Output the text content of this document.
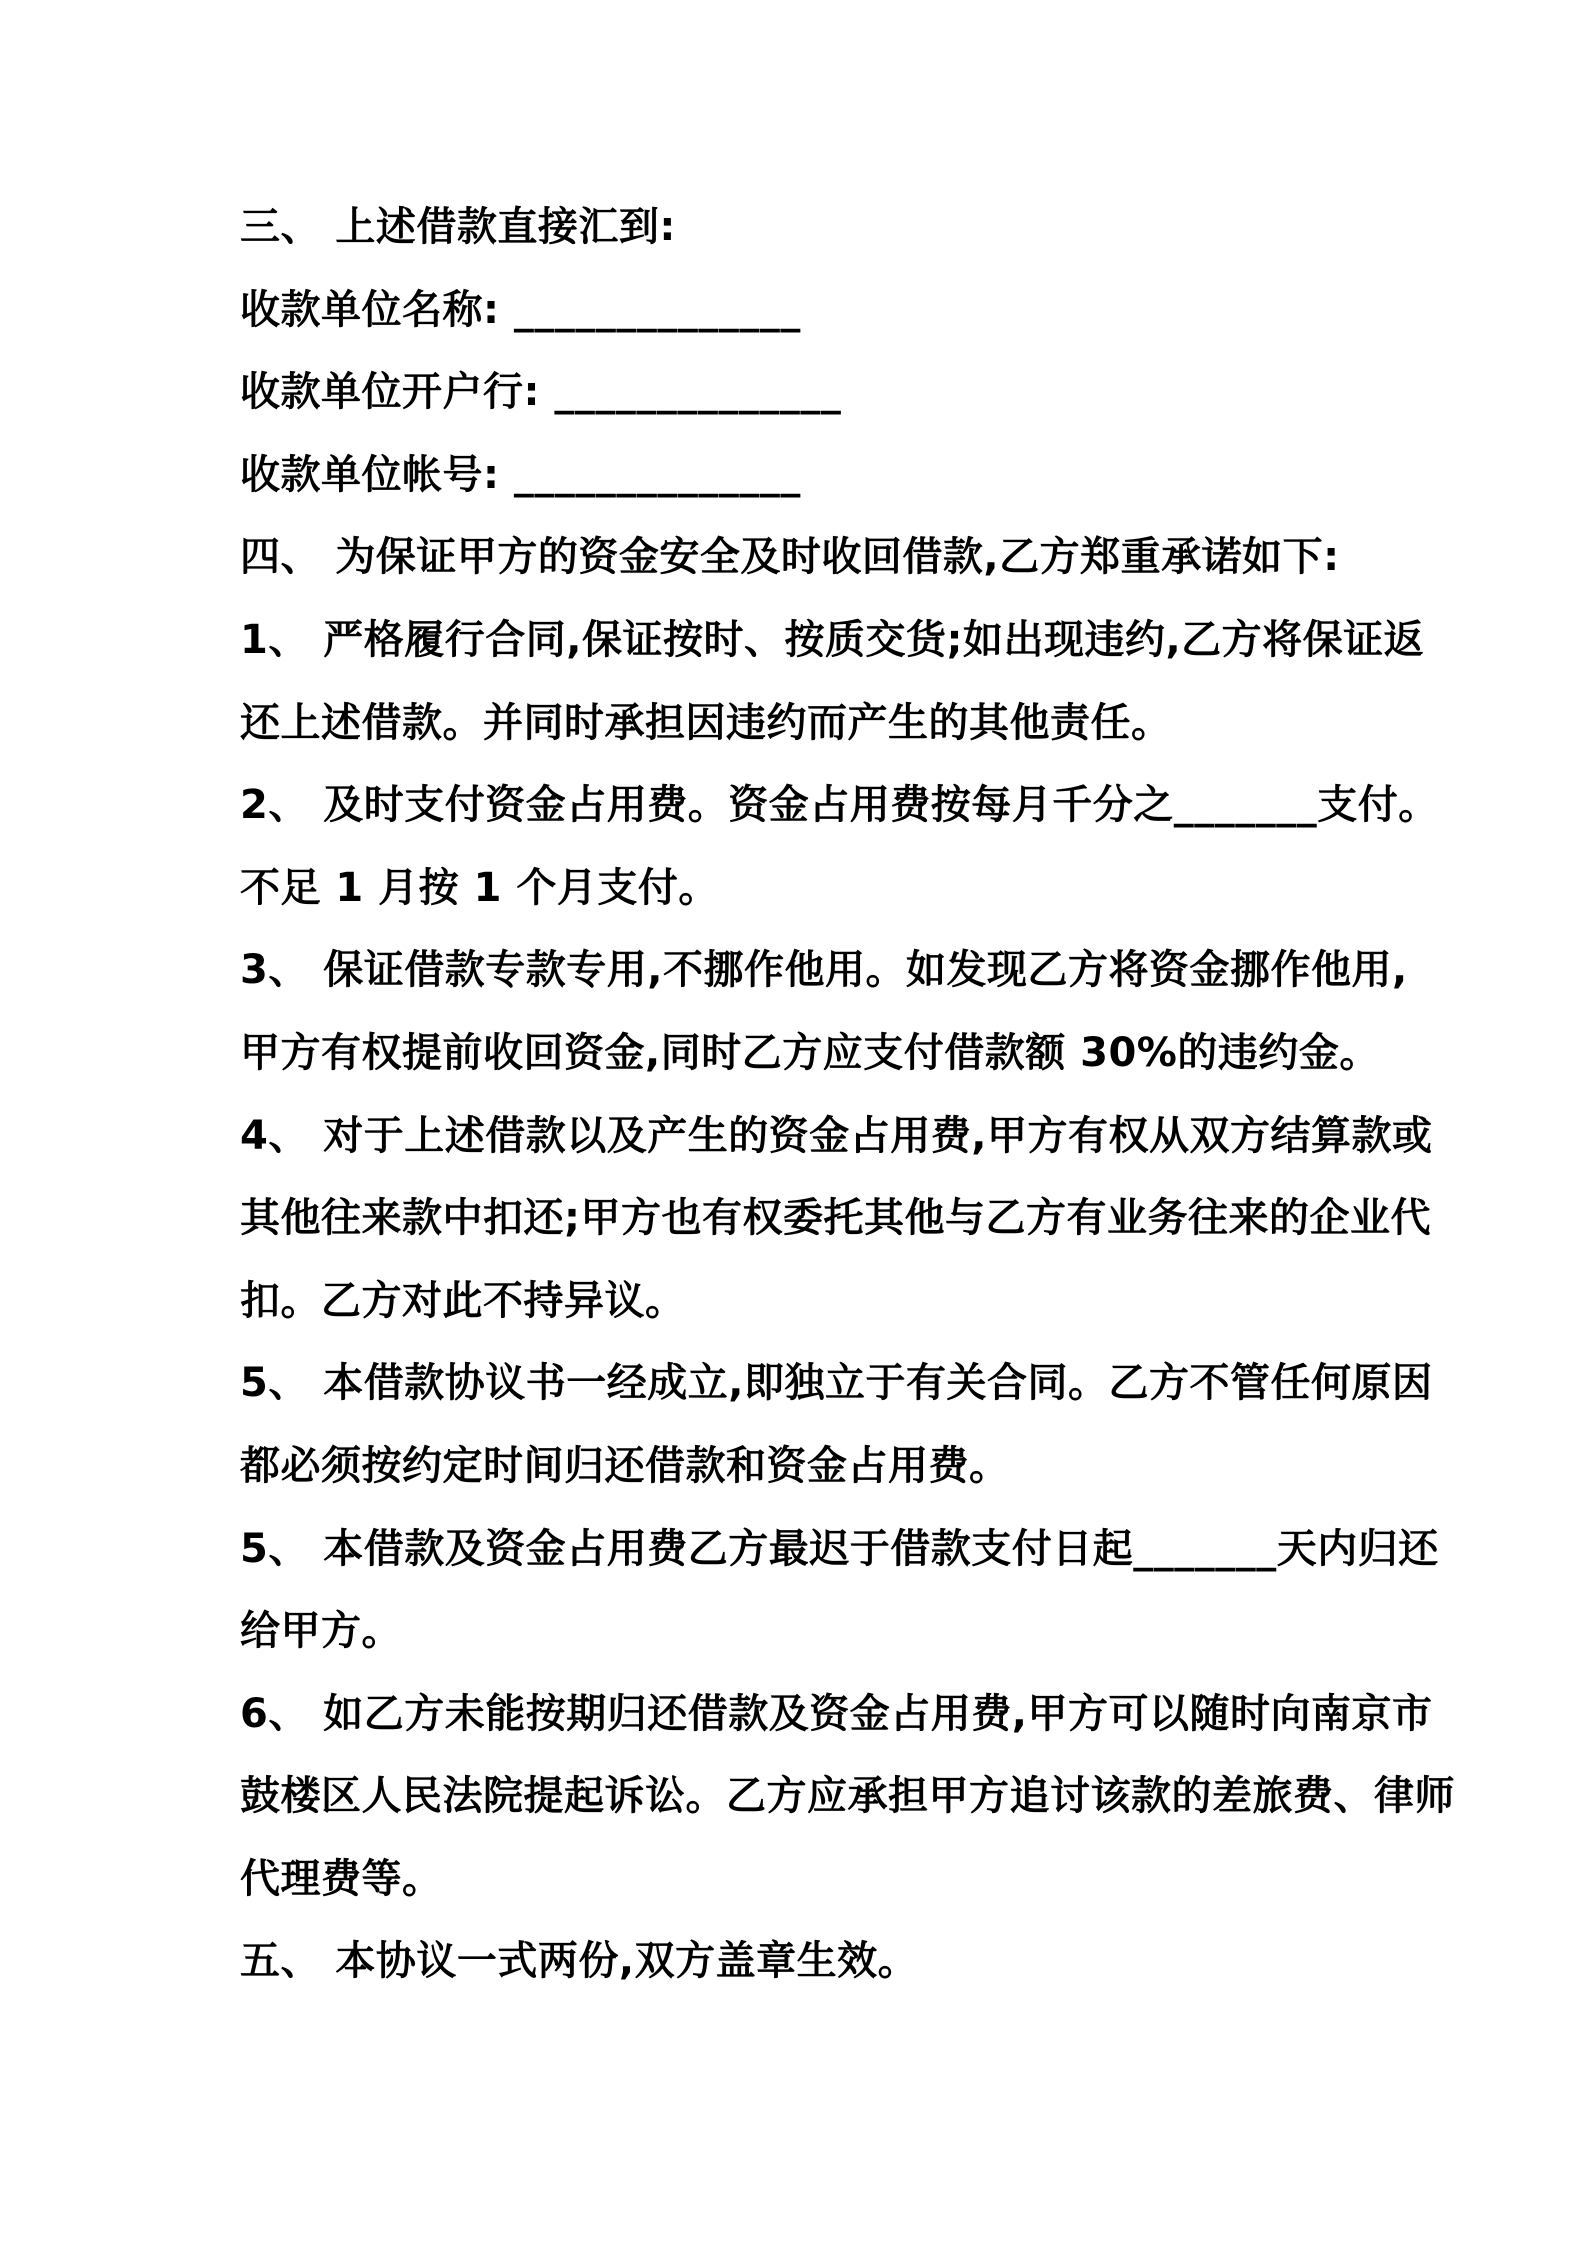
三、 上述借款直接汇到:

收款单位名称: ______________

收款单位开户行: ______________

收款单位帐号: ______________

四、 为保证甲方的资金安全及时收回借款,乙方郑重承诺如下:

1、 严格履行合同,保证按时、按质交货;如出现违约,乙方将保证返

还上述借款。并同时承担因违约而产生的其他责任。

2、 及时支付资金占用费。资金占用费按每月千分之_______支付。

不足 1 月按 1 个月支付。

3、 保证借款专款专用,不挪作他用。如发现乙方将资金挪作他用,

甲方有权提前收回资金,同时乙方应支付借款额 30%的违约金。

4、 对于上述借款以及产生的资金占用费,甲方有权从双方结算款或

其他往来款中扣还;甲方也有权委托其他与乙方有业务往来的企业代

扣。乙方对此不持异议。

5、 本借款协议书一经成立,即独立于有关合同。乙方不管任何原因

都必须按约定时间归还借款和资金占用费。

5、 本借款及资金占用费乙方最迟于借款支付日起_______天内归还

给甲方。

6、 如乙方未能按期归还借款及资金占用费,甲方可以随时向南京市

鼓楼区人民法院提起诉讼。乙方应承担甲方追讨该款的差旅费、律师

代理费等。

五、 本协议一式两份,双方盖章生效。
